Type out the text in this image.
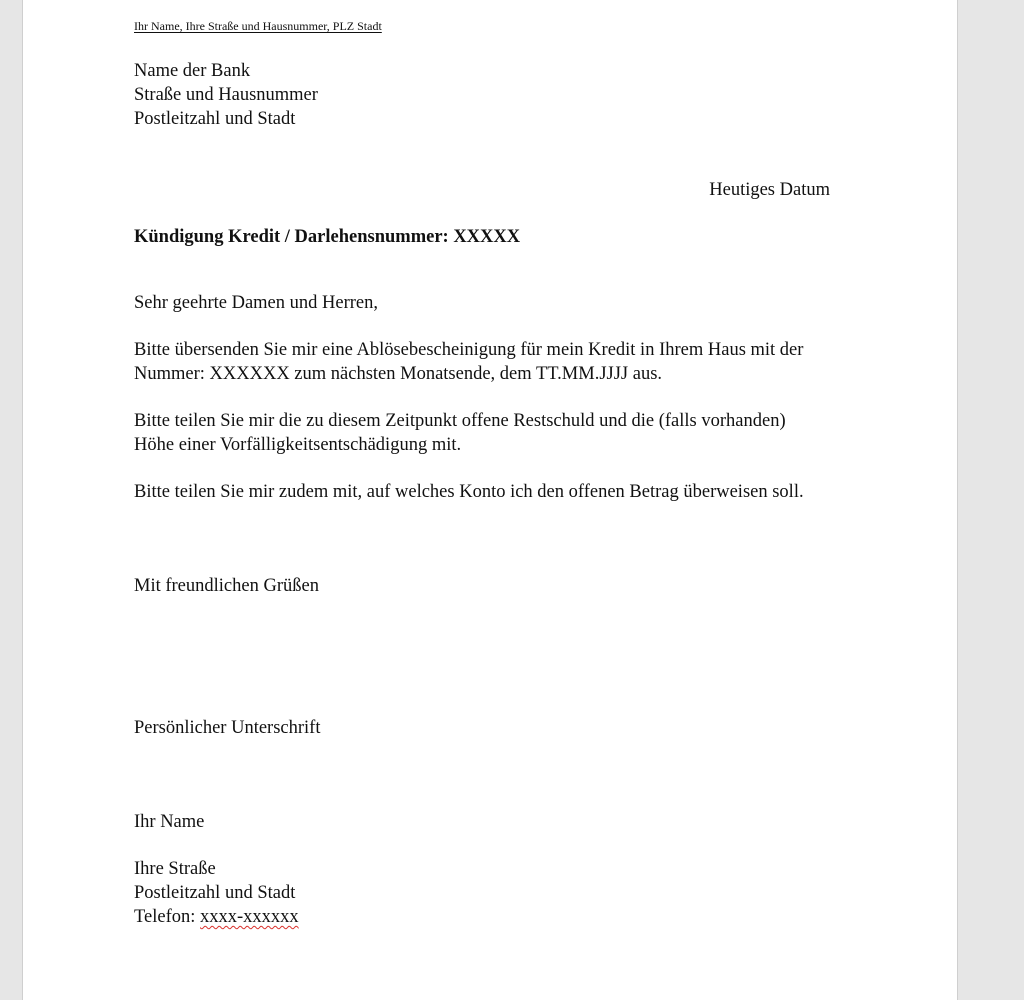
Ihr Name, Ihre Straße und Hausnummer, PLZ Stadt

Name der Bank
Straße und Hausnummer
Postleitzahl und Stadt

Heutiges Datum

Kündigung Kredit / Darlehensnummer: XXXXX

Sehr geehrte Damen und Herren,

Bitte übersenden Sie mir eine Ablösebescheinigung für mein Kredit in Ihrem Haus mit der
Nummer: XXXXXX zum nächsten Monatsende, dem TT.MM.JJJJ aus.
Bitte teilen Sie mir die zu diesem Zeitpunkt offene Restschuld und die (falls vorhanden)
Höhe einer Vorfälligkeitsentschädigung mit.

Bitte teilen Sie mir zudem mit, auf welches Konto ich den offenen Betrag überweisen soll.

Mit freundlichen Grüßen

Persönlicher Unterschrift

Ihr Name

Ihre Straße
Postleitzahl und Stadt
Telefon: xxxx-xxxxxx
